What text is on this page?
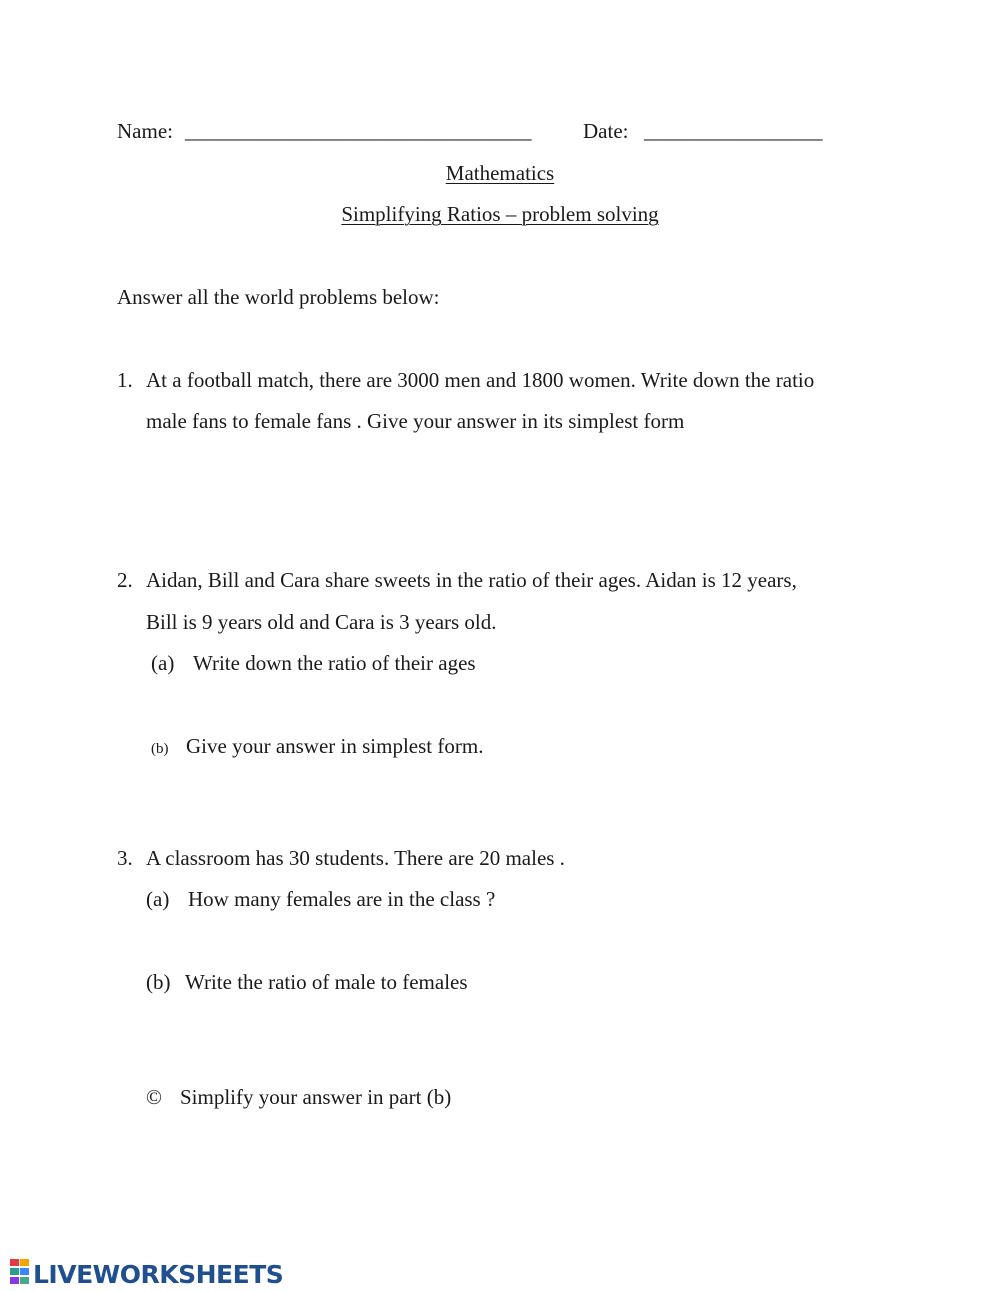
Name: _________________________________ Date: _________________
Mathematics
Simplifying Ratios – problem solving
Answer all the world problems below:
1. At a football match, there are 3000 men and 1800 women. Write down the ratio
male fans to female fans . Give your answer in its simplest form
2. Aidan, Bill and Cara share sweets in the ratio of their ages. Aidan is 12 years,
Bill is 9 years old and Cara is 3 years old.
(a) Write down the ratio of their ages
(b) Give your answer in simplest form.
3. A classroom has 30 students. There are 20 males .
(a) How many females are in the class ?
(b) Write the ratio of male to females
© Simplify your answer in part (b)
LIVEWORKSHEETS
